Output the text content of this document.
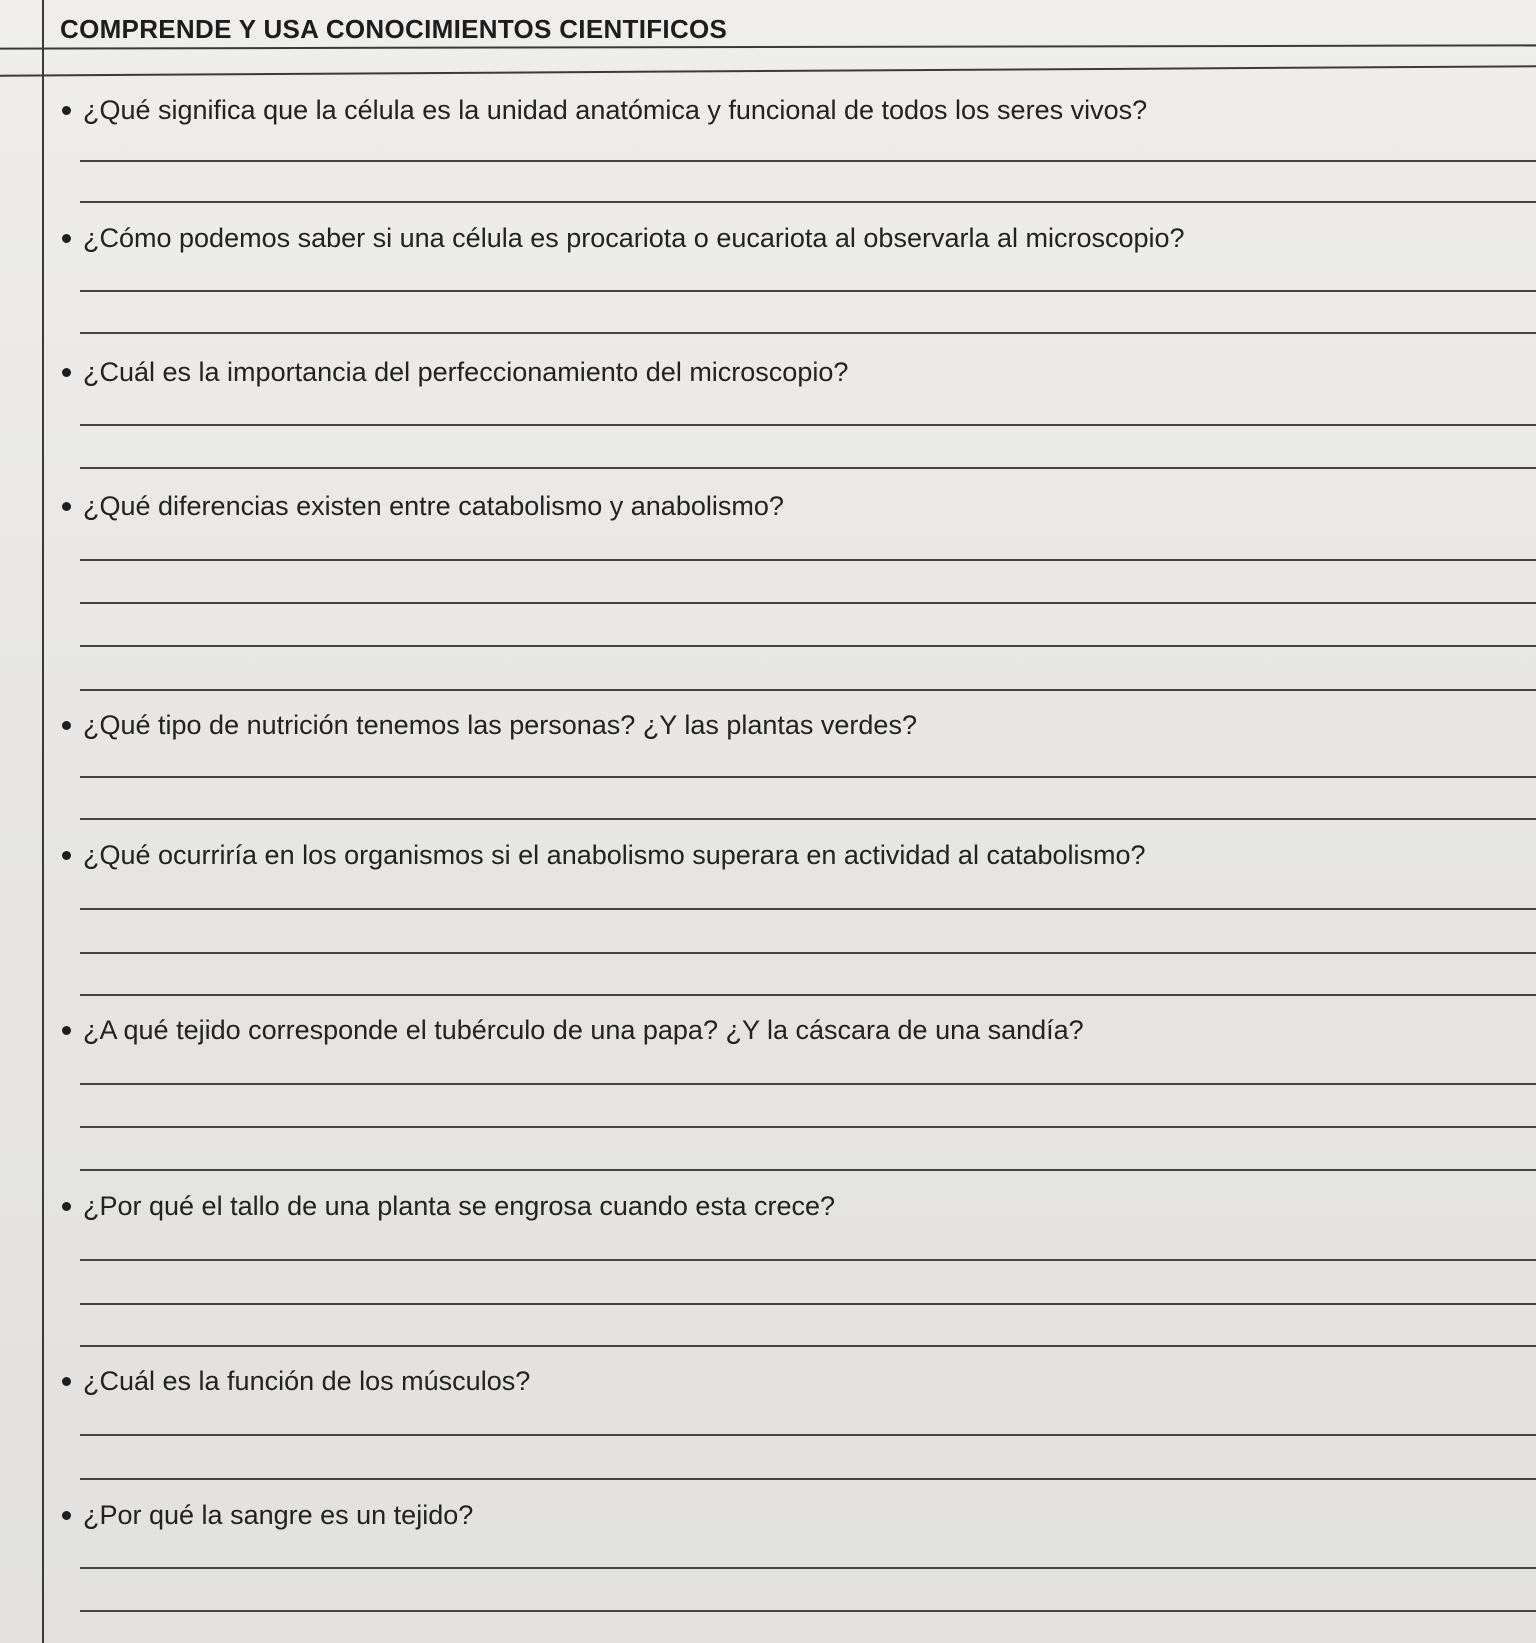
COMPRENDE Y USA CONOCIMIENTOS CIENTIFICOS
¿Qué significa que la célula es la unidad anatómica y funcional de todos los seres vivos?
¿Cómo podemos saber si una célula es procariota o eucariota al observarla al microscopio?
¿Cuál es la importancia del perfeccionamiento del microscopio?
¿Qué diferencias existen entre catabolismo y anabolismo?
¿Qué tipo de nutrición tenemos las personas? ¿Y las plantas verdes?
¿Qué ocurriría en los organismos si el anabolismo superara en actividad al catabolismo?
¿A qué tejido corresponde el tubérculo de una papa? ¿Y la cáscara de una sandía?
¿Por qué el tallo de una planta se engrosa cuando esta crece?
¿Cuál es la función de los músculos?
¿Por qué la sangre es un tejido?
